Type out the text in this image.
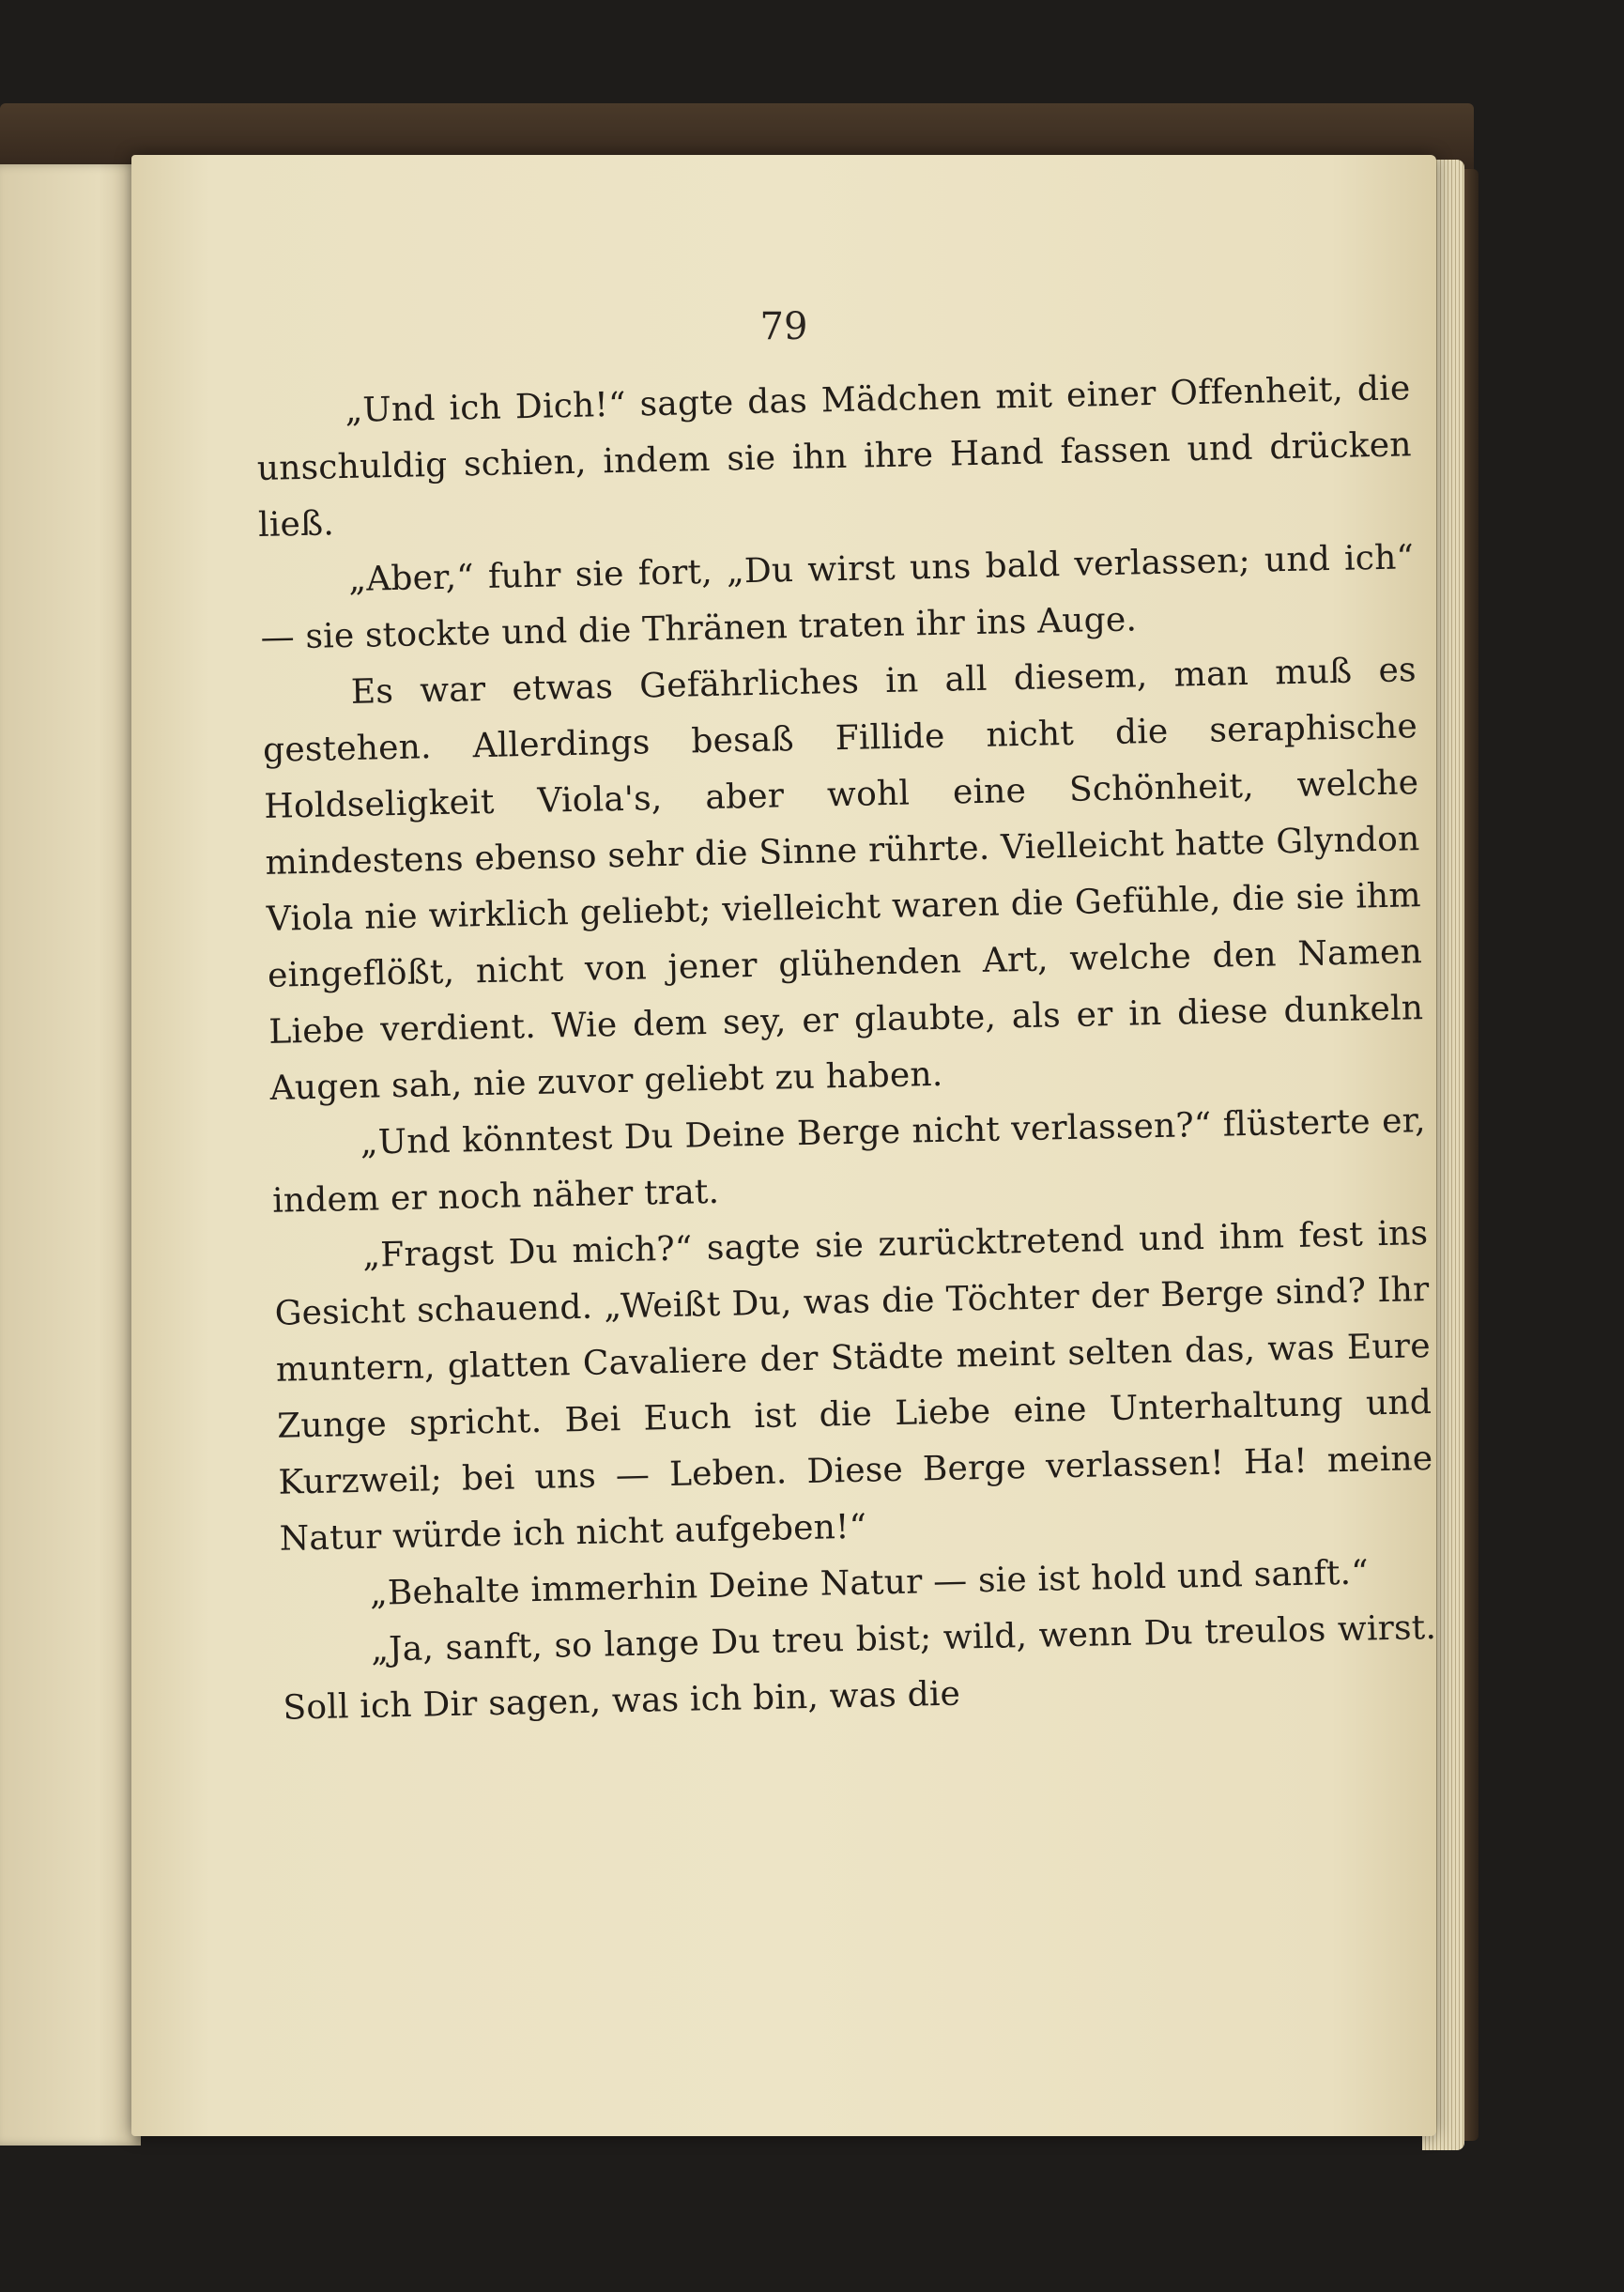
79

„Und ich Dich!“ sagte das Mädchen mit einer Offenheit, die unschuldig schien, indem sie ihn ihre Hand fassen und drücken ließ.

„Aber,“ fuhr sie fort, „Du wirst uns bald verlassen; und ich“ — sie stockte und die Thränen traten ihr ins Auge.

Es war etwas Gefährliches in all diesem, man muß es gestehen. Allerdings besaß Fillide nicht die seraphische Holdseligkeit Viola's, aber wohl eine Schönheit, welche mindestens ebenso sehr die Sinne rührte. Vielleicht hatte Glyndon Viola nie wirklich geliebt; vielleicht waren die Gefühle, die sie ihm eingeflößt, nicht von jener glühenden Art, welche den Namen Liebe verdient. Wie dem sey, er glaubte, als er in diese dunkeln Augen sah, nie zuvor geliebt zu haben.

„Und könntest Du Deine Berge nicht verlassen?“ flüsterte er, indem er noch näher trat.

„Fragst Du mich?“ sagte sie zurücktretend und ihm fest ins Gesicht schauend. „Weißt Du, was die Töchter der Berge sind? Ihr muntern, glatten Cavaliere der Städte meint selten das, was Eure Zunge spricht. Bei Euch ist die Liebe eine Unterhaltung und Kurzweil; bei uns — Leben. Diese Berge verlassen! Ha! meine Natur würde ich nicht aufgeben!“

„Behalte immerhin Deine Natur — sie ist hold und sanft.“

„Ja, sanft, so lange Du treu bist; wild, wenn Du treulos wirst. Soll ich Dir sagen, was ich bin, was die
